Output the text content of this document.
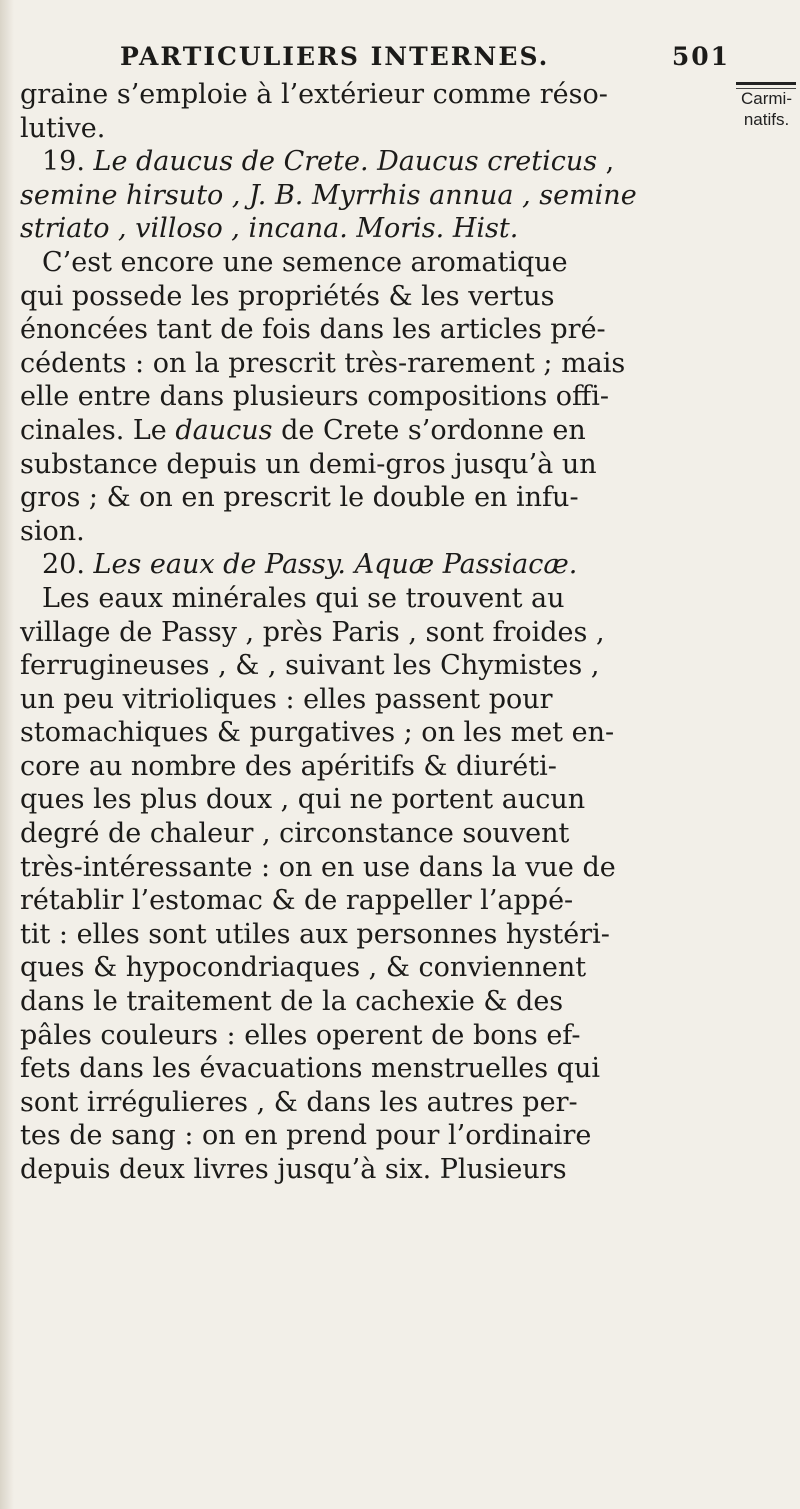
PARTICULIERS INTERNES.	501
Carmi-
natifs.
graine s’emploie à l’extérieur comme réso-
lutive.
19. Le daucus de Crete. Daucus creticus ,
semine hirsuto , J. B. Myrrhis annua , semine
striato , villoso , incana. Moris. Hist.
C’est encore une semence aromatique
qui possede les propriétés & les vertus
énoncées tant de fois dans les articles pré-
cédents : on la prescrit très-rarement ; mais
elle entre dans plusieurs compositions offi-
cinales. Le daucus de Crete s’ordonne en
substance depuis un demi-gros jusqu’à un
gros ; & on en prescrit le double en infu-
sion.
20. Les eaux de Passy. Aquæ Passiacæ.
Les eaux minérales qui se trouvent au
village de Passy , près Paris , sont froides ,
ferrugineuses , & , suivant les Chymistes ,
un peu vitrioliques : elles passent pour
stomachiques & purgatives ; on les met en-
core au nombre des apéritifs & diuréti-
ques les plus doux , qui ne portent aucun
degré de chaleur , circonstance souvent
très-intéressante : on en use dans la vue de
rétablir l’estomac & de rappeller l’appé-
tit : elles sont utiles aux personnes hystéri-
ques & hypocondriaques , & conviennent
dans le traitement de la cachexie & des
pâles couleurs : elles operent de bons ef-
fets dans les évacuations menstruelles qui
sont irrégulieres , & dans les autres per-
tes de sang : on en prend pour l’ordinaire
depuis deux livres jusqu’à six. Plusieurs
